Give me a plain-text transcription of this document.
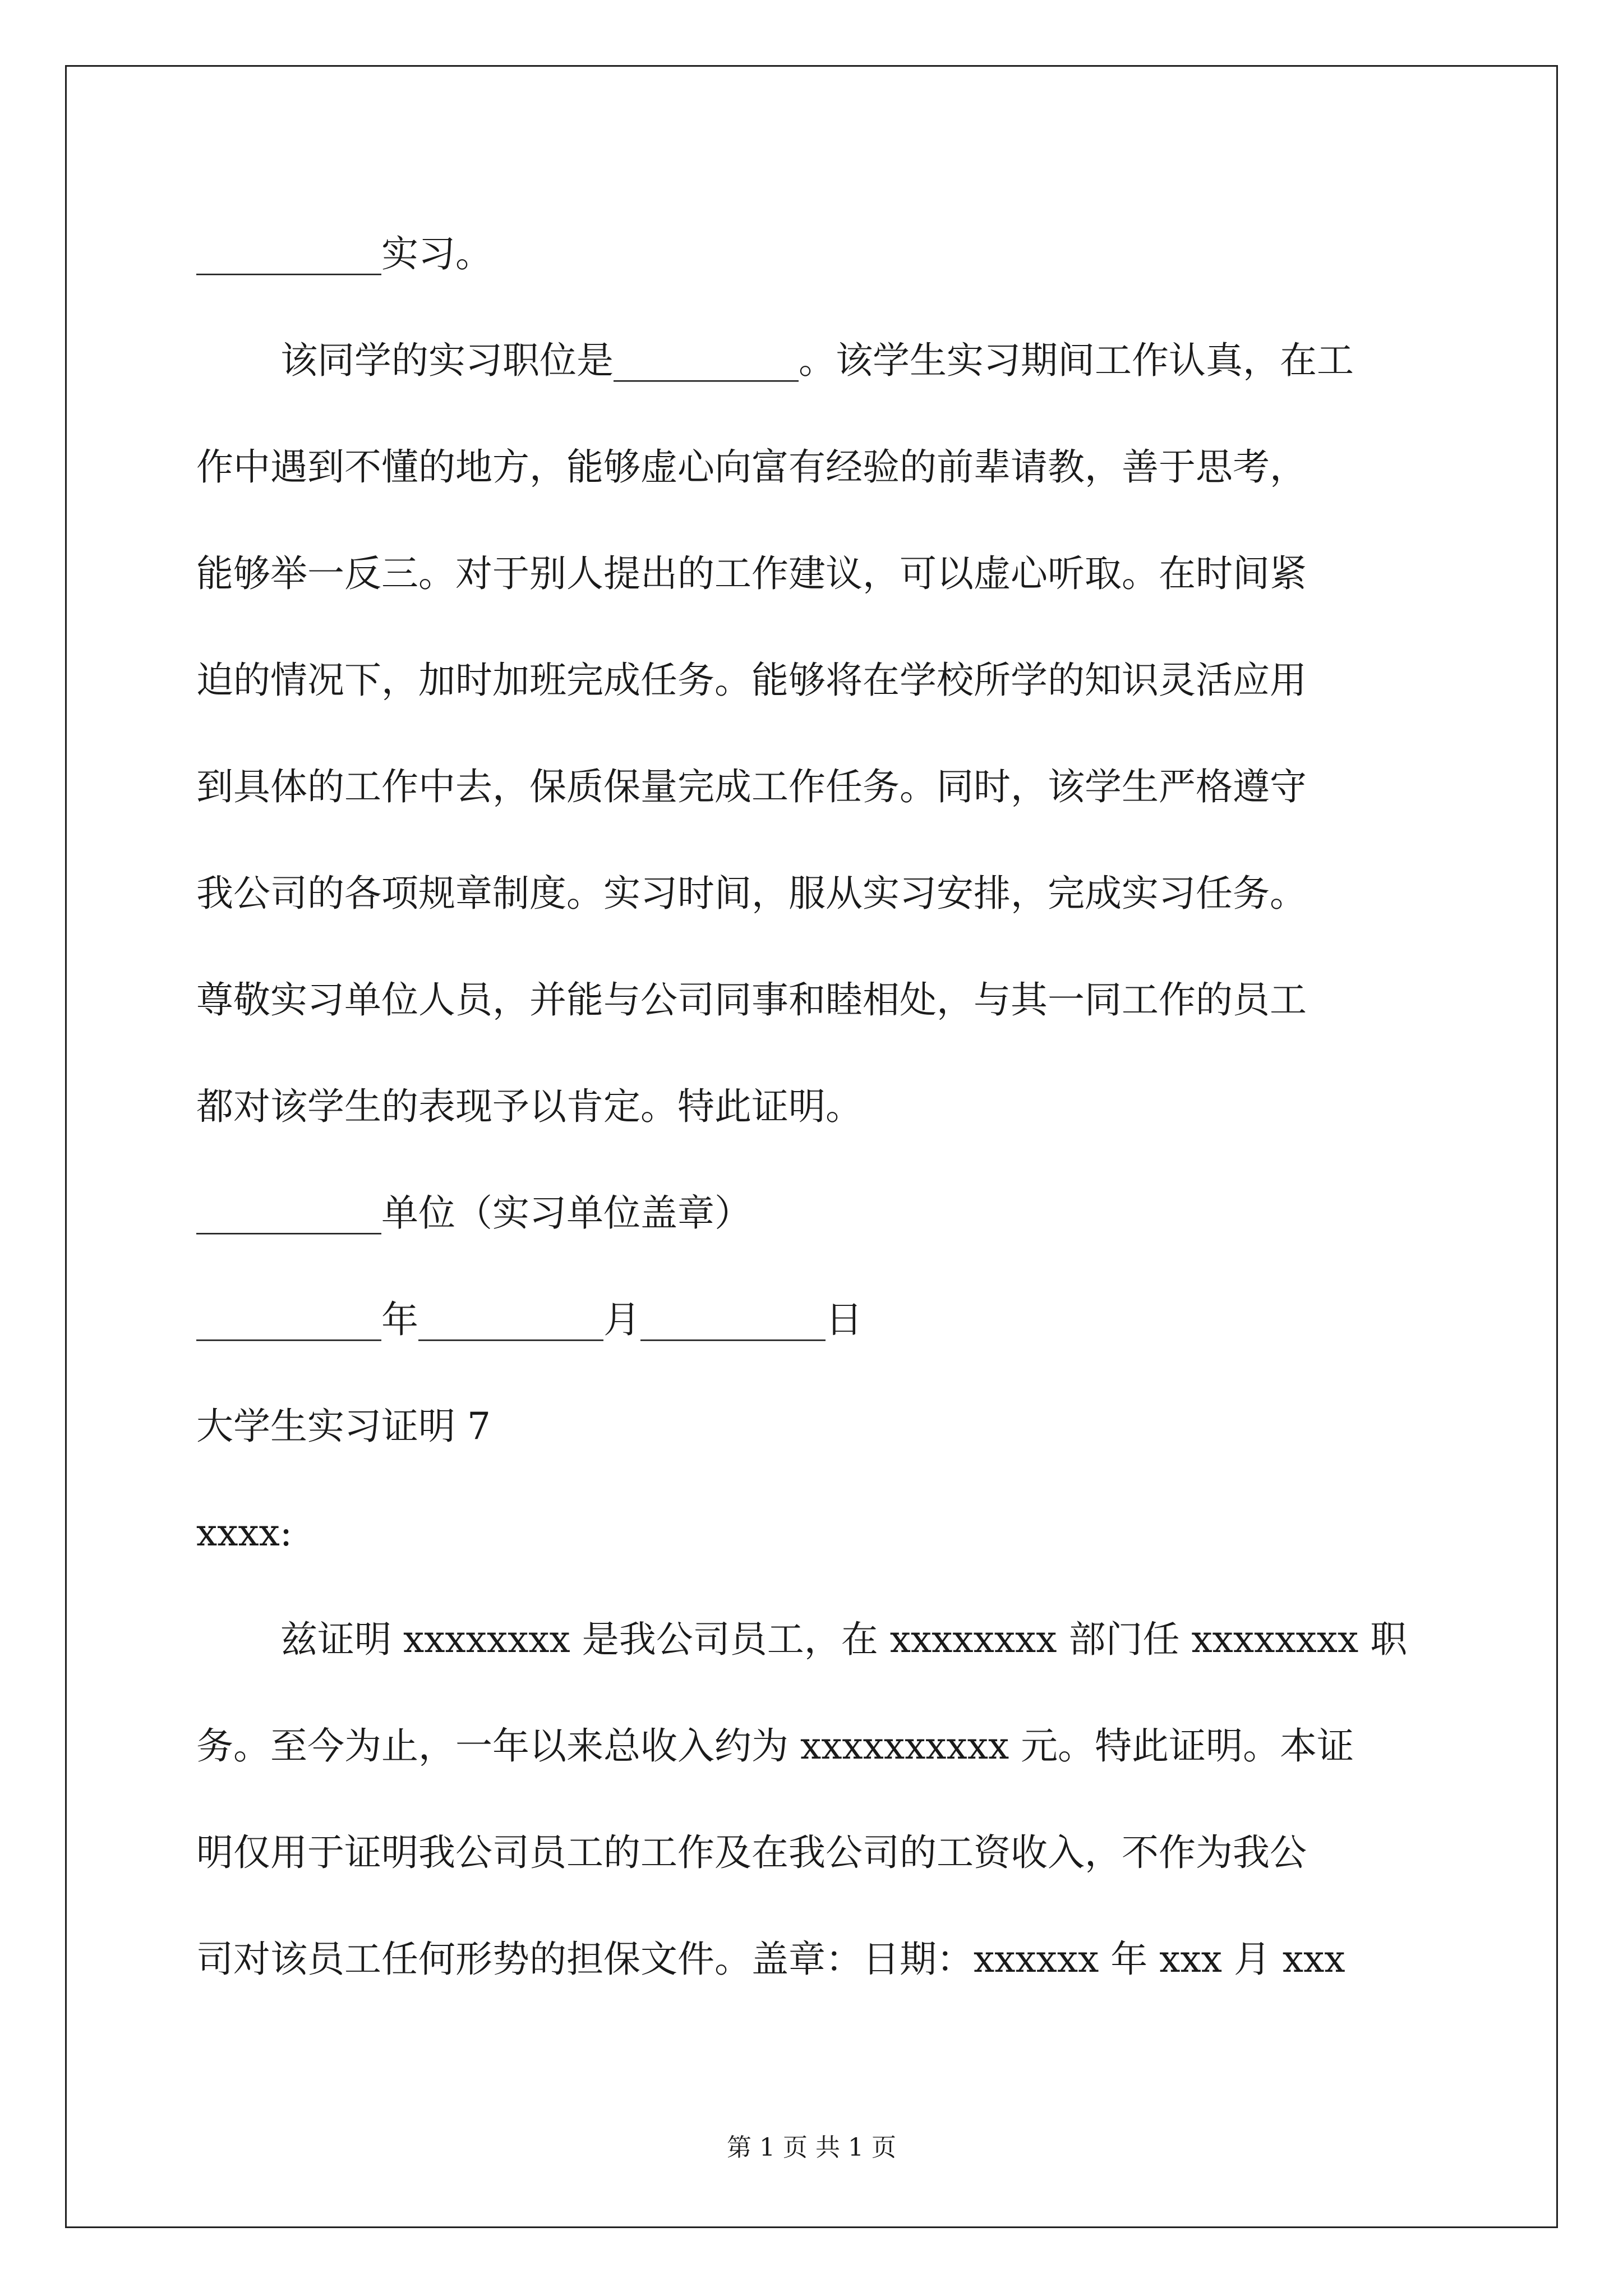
__________实习。
该同学的实习职位是__________。该学生实习期间工作认真，在工
作中遇到不懂的地方，能够虚心向富有经验的前辈请教，善于思考，
能够举一反三。对于别人提出的工作建议，可以虚心听取。在时间紧
迫的情况下，加时加班完成任务。能够将在学校所学的知识灵活应用
到具体的工作中去，保质保量完成工作任务。同时，该学生严格遵守
我公司的各项规章制度。实习时间，服从实习安排，完成实习任务。
尊敬实习单位人员，并能与公司同事和睦相处，与其一同工作的员工
都对该学生的表现予以肯定。特此证明。
__________单位（实习单位盖章）
__________年__________月__________日
大学生实习证明 7
xxxx:
兹证明 xxxxxxxx 是我公司员工，在 xxxxxxxx 部门任 xxxxxxxx 职
务。至今为止，一年以来总收入约为 xxxxxxxxxx 元。特此证明。本证
明仅用于证明我公司员工的工作及在我公司的工资收入，不作为我公
司对该员工任何形势的担保文件。盖章：日期：xxxxxx 年 xxx 月 xxx
第 1 页 共 1 页
